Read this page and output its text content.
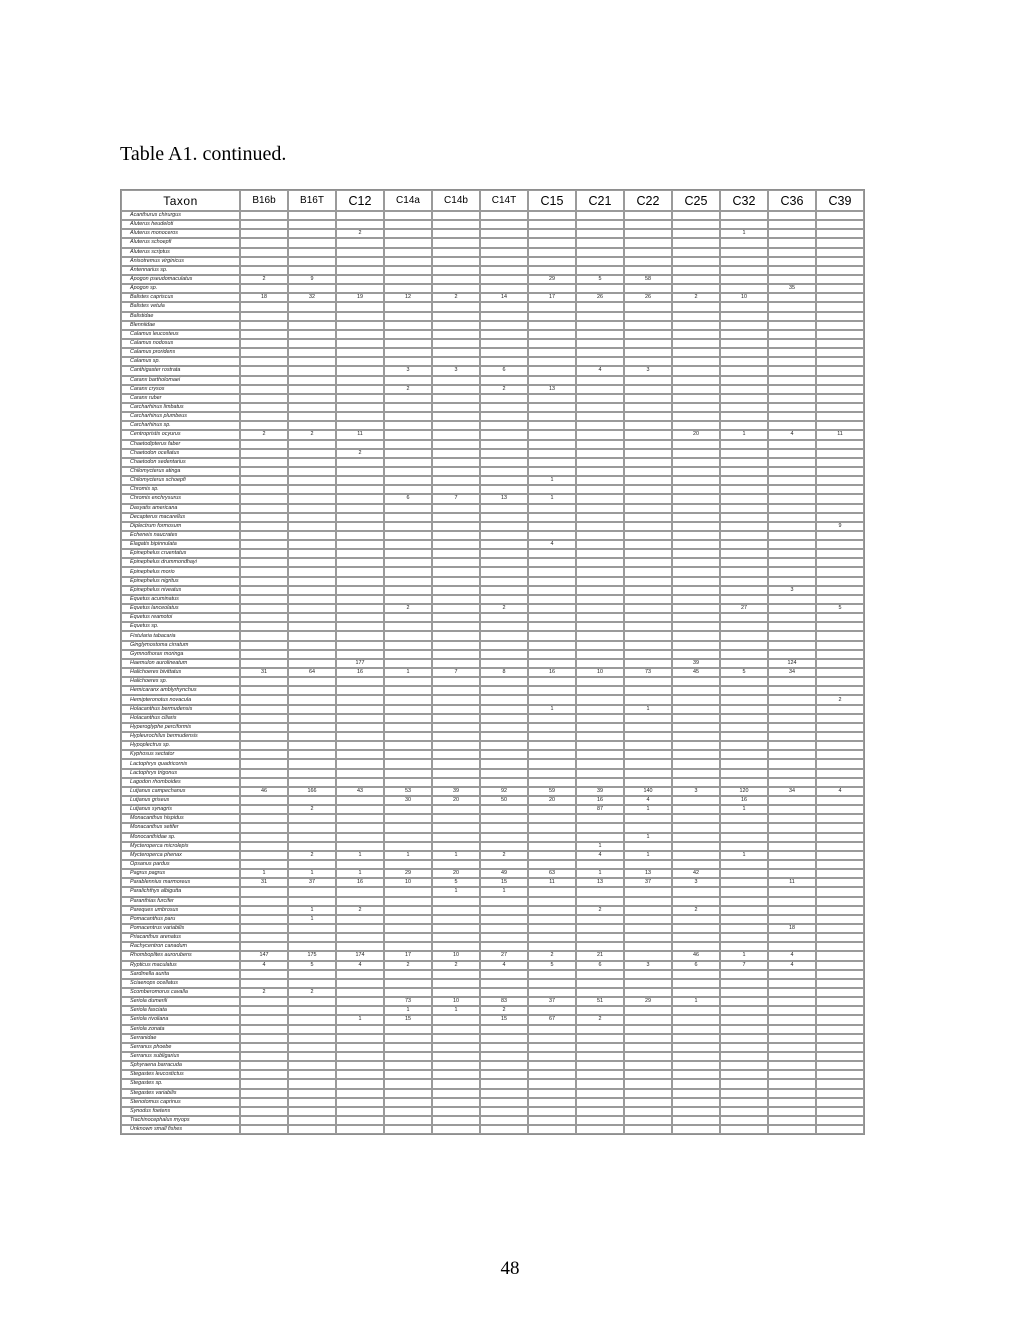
Table A1. continued.
Taxon	B16b	B16T	C12	C14a	C14b	C14T	C15	C21	C22	C25	C32	C36	C39
Acanthurus chirurgus													
Aluterus heudeloti													
Aluterus monoceros			2								1		
Aluterus schoepfi													
Aluterus scriptus													
Anisotremus virginicus													
Antennarius sp.													
Apogon pseudomaculatus	2	9					29	5	58				
Apogon sp.												35	
Balistes capriscus	18	32	19	12	2	14	17	26	26	2	10		
Balistes vetula													
Balistidae													
Blenniidae													
Calamus leucosteus													
Calamus nodosus													
Calamus proridens													
Calamus sp.													
Canthigaster rostrata				3	3	6		4	3				
Caranx bartholomaei													
Caranx crysos				2		2	13						
Caranx ruber													
Carcharhinus limbatus													
Carcharhinus plumbeus													
Carcharhinus sp.													
Centropristis ocyurus	2	2	11							20	1	4	11
Chaetodipterus faber													
Chaetodon ocellatus			2										
Chaetodon sedentarius													
Chilomycterus atinga													
Chilomycterus schoepfi							1						
Chromis sp.													
Chromis enchrysurus				6	7	13	1						
Dasyatis americana													
Decapterus macarellus													
Diplectrum formosum													9
Echeneis naucrates													
Elagatis bipinnulata							4						
Epinephelus cruentatus													
Epinephelus drummondhayi													
Epinephelus morio													
Epinephelus nigritus													
Epinephelus niveatus												3	
Equetus acuminatus													
Equetus lanceolatus				2		2					27		5
Equetus reamotoi													
Equetus sp.													
Fistularia tabacaria													
Ginglymostoma cirratum													
Gymnothorax moringa													
Haemulon aurolineatum			177							39		124	
Halichoeres bivittatus	31	64	16	1	7	8	16	10	73	45	5	34	
Halichoeres sp.													
Hemicaranx amblyrhynchus													
Hemipteronotus novacula													2
Holacanthus bermudensis							1		1				
Holacanthus ciliaris													
Hyperoglyphe perciformis													
Hypleurochilus bermudensis													
Hypoplectrus sp.													
Kyphosus sectator													
Lactophrys quadricornis													
Lactophrys trigonus													
Lagodon rhomboides													
Lutjanus campechanus	46	166	43	53	39	92	59	39	140	3	120	34	4
Lutjanus griseus				30	20	50	20	16	4		16		
Lutjanus synagris		2						87	1		1		
Monacanthus hispidus													
Monacanthus setifer													
Monocanthidae sp.									1				
Mycteroperca microlepis								1					
Mycteroperca phenax		2	1	1	1	2		4	1		1		
Opsanus pardus													
Pagrus pagrus	1	1	1	29	20	49	63	1	13	42			
Parablennius marmoreus	31	37	16	10	5	15	11	13	37	3		11	
Paralichthys albigutta					1	1							
Paranthias furcifer													
Pareques umbrosus		1	2					2		2			
Pomacanthus paru		1											
Pomacentrus variabilis												18	
Priacanthus arenatus													
Rachycentron canadum													
Rhomboplites aurorubens	147	175	174	17	10	27	2	21		46	1	4	
Rypticus maculatus	4	5	4	2	2	4	5	6	3	6	7	4	
Sardinella aurita													
Sciaenops ocellatus													
Scomberomorus cavalla	2	2											
Seriola dumerili				73	10	83	37	51	29	1			
Seriola fasciata				1	1	2							
Seriola rivoliana			1	15		15	67	2					
Seriola zonata													
Serranidae													
Serranus phoebe													
Serranus subligarius													
Sphyraena barracuda													
Stegastes leucostictus													
Stegastes sp.													
Stegastes variabilis													
Stenotomus caprinus													
Synodus foetens													
Trachinocephalus myops													
Unknown small fishes													
48
